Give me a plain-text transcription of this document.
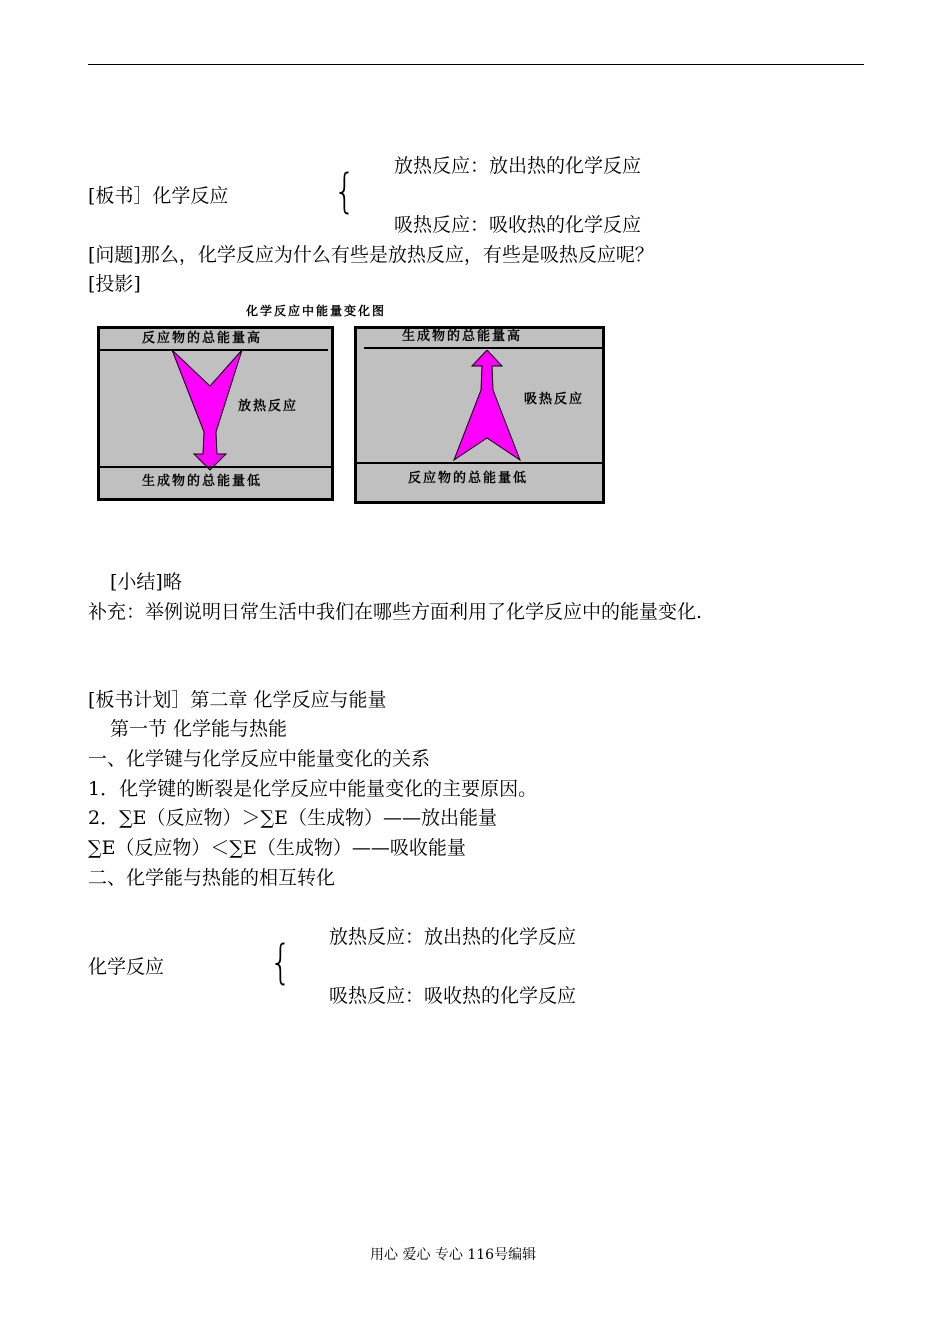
放热反应：放出热的化学反应
[板书］化学反应 {
吸热反应：吸收热的化学反应
[问题]那么，化学反应为什么有些是放热反应，有些是吸热反应呢？
[投影]
化学反应中能量变化图
反应物的总能量高
放热反应
生成物的总能量低
生成物的总能量高
吸热反应
反应物的总能量低
[小结]略
补充：举例说明日常生活中我们在哪些方面利用了化学反应中的能量变化.
[板书计划］第二章 化学反应与能量
第一节 化学能与热能
一、化学键与化学反应中能量变化的关系
1．化学键的断裂是化学反应中能量变化的主要原因。
2．∑E（反应物）＞∑E（生成物）——放出能量
∑E（反应物）＜∑E（生成物）——吸收能量
二、化学能与热能的相互转化
放热反应：放出热的化学反应
化学反应 {
吸热反应：吸收热的化学反应
用心 爱心 专心 116号编辑
